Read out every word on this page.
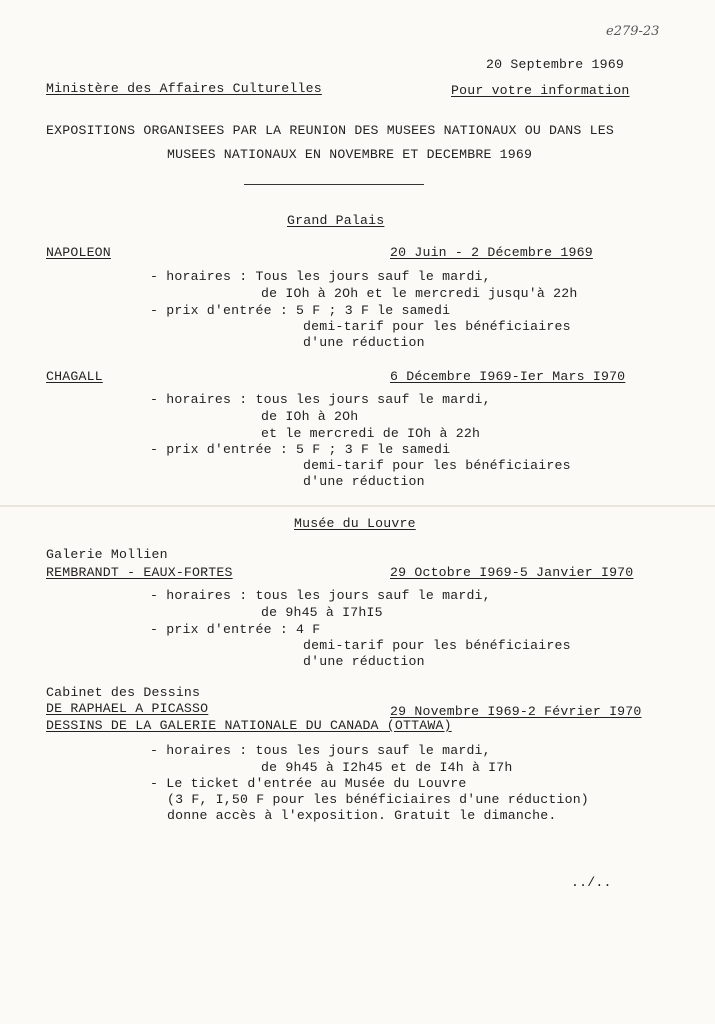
e279-23
20 Septembre 1969
Ministère des Affaires Culturelles	Pour votre information
EXPOSITIONS ORGANISEES PAR LA REUNION DES MUSEES NATIONAUX OU DANS LES
MUSEES NATIONAUX EN NOVEMBRE ET DECEMBRE 1969
Grand Palais
NAPOLEON	20 Juin - 2 Décembre 1969
- horaires : Tous les jours sauf le mardi,
de IOh à 2Oh et le mercredi jusqu'à 22h
- prix d'entrée : 5 F ; 3 F le samedi
demi-tarif pour les bénéficiaires
d'une réduction
CHAGALL	6 Décembre I969-Ier Mars I970
- horaires : tous les jours sauf le mardi,
de IOh à 2Oh
et le mercredi de IOh à 22h
- prix d'entrée : 5 F ; 3 F le samedi
demi-tarif pour les bénéficiaires
d'une réduction
Musée du Louvre
Galerie Mollien
REMBRANDT - EAUX-FORTES	29 Octobre I969-5 Janvier I970
- horaires : tous les jours sauf le mardi,
de 9h45 à I7hI5
- prix d'entrée : 4 F
demi-tarif pour les bénéficiaires
d'une réduction
Cabinet des Dessins
DE RAPHAEL A PICASSO	29 Novembre I969-2 Février I970
DESSINS DE LA GALERIE NATIONALE DU CANADA (OTTAWA)
- horaires : tous les jours sauf le mardi,
de 9h45 à I2h45 et de I4h à I7h
- Le ticket d'entrée au Musée du Louvre
(3 F, I,50 F pour les bénéficiaires d'une réduction)
donne accès à l'exposition. Gratuit le dimanche.
../..
